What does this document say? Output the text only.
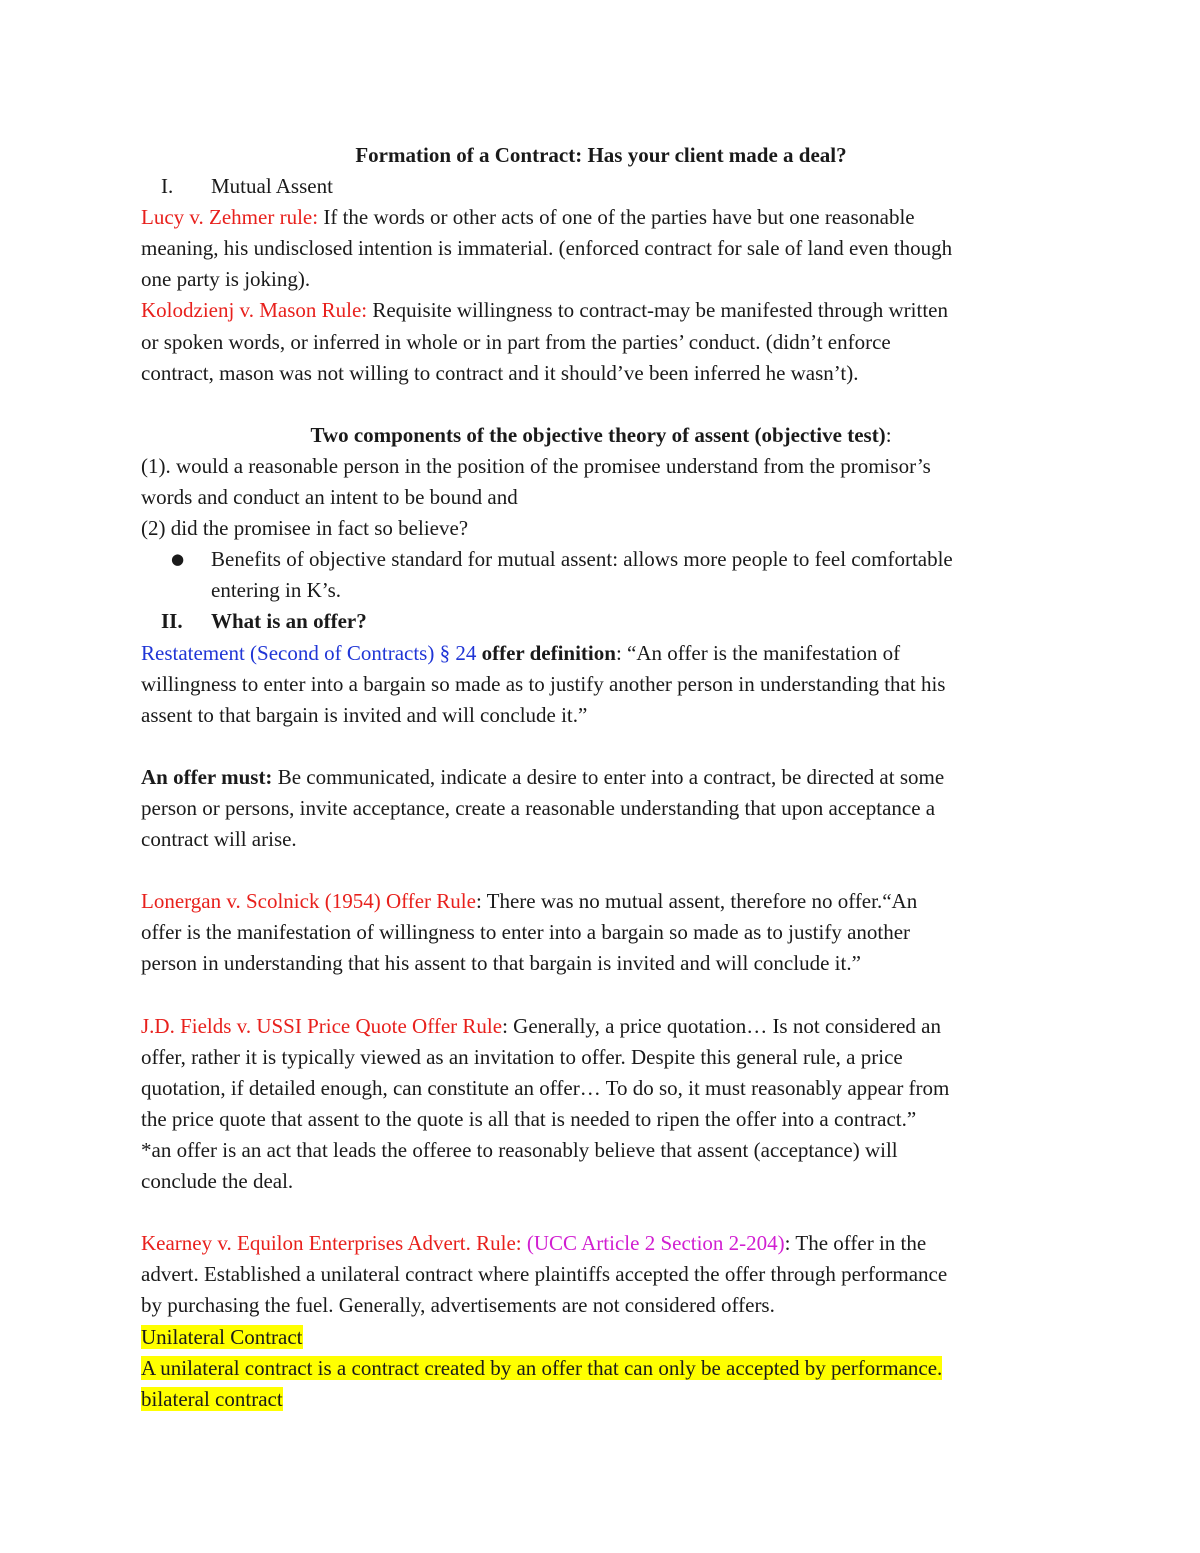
Formation of a Contract: Has your client made a deal?
I. Mutual Assent
Lucy v. Zehmer rule: If the words or other acts of one of the parties have but one reasonable
meaning, his undisclosed intention is immaterial. (enforced contract for sale of land even though
one party is joking).
Kolodzienj v. Mason Rule: Requisite willingness to contract-may be manifested through written
or spoken words, or inferred in whole or in part from the parties’ conduct. (didn’t enforce
contract, mason was not willing to contract and it should’ve been inferred he wasn’t).
Two components of the objective theory of assent (objective test):
(1). would a reasonable person in the position of the promisee understand from the promisor’s
words and conduct an intent to be bound and
(2) did the promisee in fact so believe?
●	Benefits of objective standard for mutual assent: allows more people to feel comfortable
entering in K’s.
II. What is an offer?
Restatement (Second of Contracts) § 24 offer definition: “An offer is the manifestation of
willingness to enter into a bargain so made as to justify another person in understanding that his
assent to that bargain is invited and will conclude it.”
An offer must: Be communicated, indicate a desire to enter into a contract, be directed at some
person or persons, invite acceptance, create a reasonable understanding that upon acceptance a
contract will arise.
Lonergan v. Scolnick (1954) Offer Rule: There was no mutual assent, therefore no offer.“An
offer is the manifestation of willingness to enter into a bargain so made as to justify another
person in understanding that his assent to that bargain is invited and will conclude it.”
J.D. Fields v. USSI Price Quote Offer Rule: Generally, a price quotation… Is not considered an
offer, rather it is typically viewed as an invitation to offer. Despite this general rule, a price
quotation, if detailed enough, can constitute an offer… To do so, it must reasonably appear from
the price quote that assent to the quote is all that is needed to ripen the offer into a contract.”
*an offer is an act that leads the offeree to reasonably believe that assent (acceptance) will
conclude the deal.
Kearney v. Equilon Enterprises Advert. Rule: (UCC Article 2 Section 2-204): The offer in the
advert. Established a unilateral contract where plaintiffs accepted the offer through performance
by purchasing the fuel. Generally, advertisements are not considered offers.
Unilateral Contract
A unilateral contract is a contract created by an offer that can only be accepted by performance.
bilateral contract
